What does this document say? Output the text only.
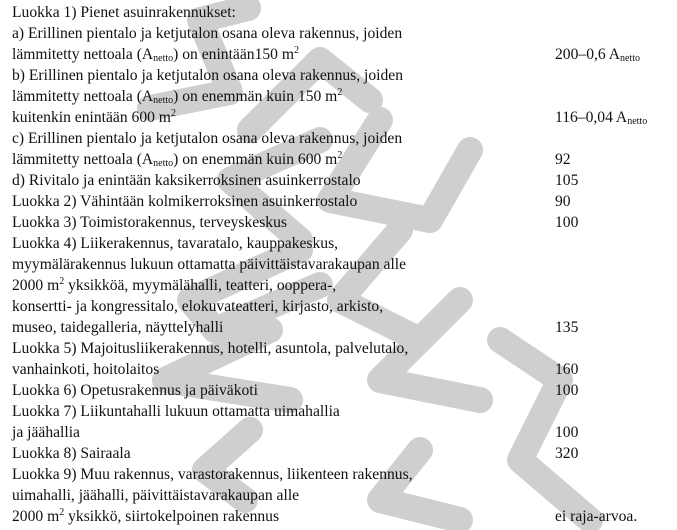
Luokka 1) Pienet asuinrakennukset:
a) Erillinen pientalo ja ketjutalon osana oleva rakennus, joiden
lämmitetty nettoala $(A_{netto})$ on enintään150 $m^2$	200–0,6 $A_{netto}$
b) Erillinen pientalo ja ketjutalon osana oleva rakennus, joiden
lämmitetty nettoala $(A_{netto})$ on enemmän kuin 150 $m^2$
kuitenkin enintään 600 $m^2$	116–0,04 $A_{netto}$
c) Erillinen pientalo ja ketjutalon osana oleva rakennus, joiden
lämmitetty nettoala $(A_{netto})$ on enemmän kuin 600 $m^2$	92
d) Rivitalo ja enintään kaksikerroksinen asuinkerrostalo	105
Luokka 2) Vähintään kolmikerroksinen asuinkerrostalo	90
Luokka 3) Toimistorakennus, terveyskeskus	100
Luokka 4) Liikerakennus, tavaratalo, kauppakeskus,
myymälärakennus lukuun ottamatta päivittäistavarakaupan alle
2000 $m^2$ yksikköä, myymälähalli, teatteri, ooppera-,
konsertti- ja kongressitalo, elokuvateatteri, kirjasto, arkisto,
museo, taidegalleria, näyttelyhalli	135
Luokka 5) Majoitusliikerakennus, hotelli, asuntola, palvelutalo,
vanhainkoti, hoitolaitos	160
Luokka 6) Opetusrakennus ja päiväkoti	100
Luokka 7) Liikuntahalli lukuun ottamatta uimahallia
ja jäähallia	100
Luokka 8) Sairaala	320
Luokka 9) Muu rakennus, varastorakennus, liikenteen rakennus,
uimahalli, jäähalli, päivittäistavarakaupan alle
2000 $m^2$ yksikkö, siirtokelpoinen rakennus	ei raja-arvoa.
